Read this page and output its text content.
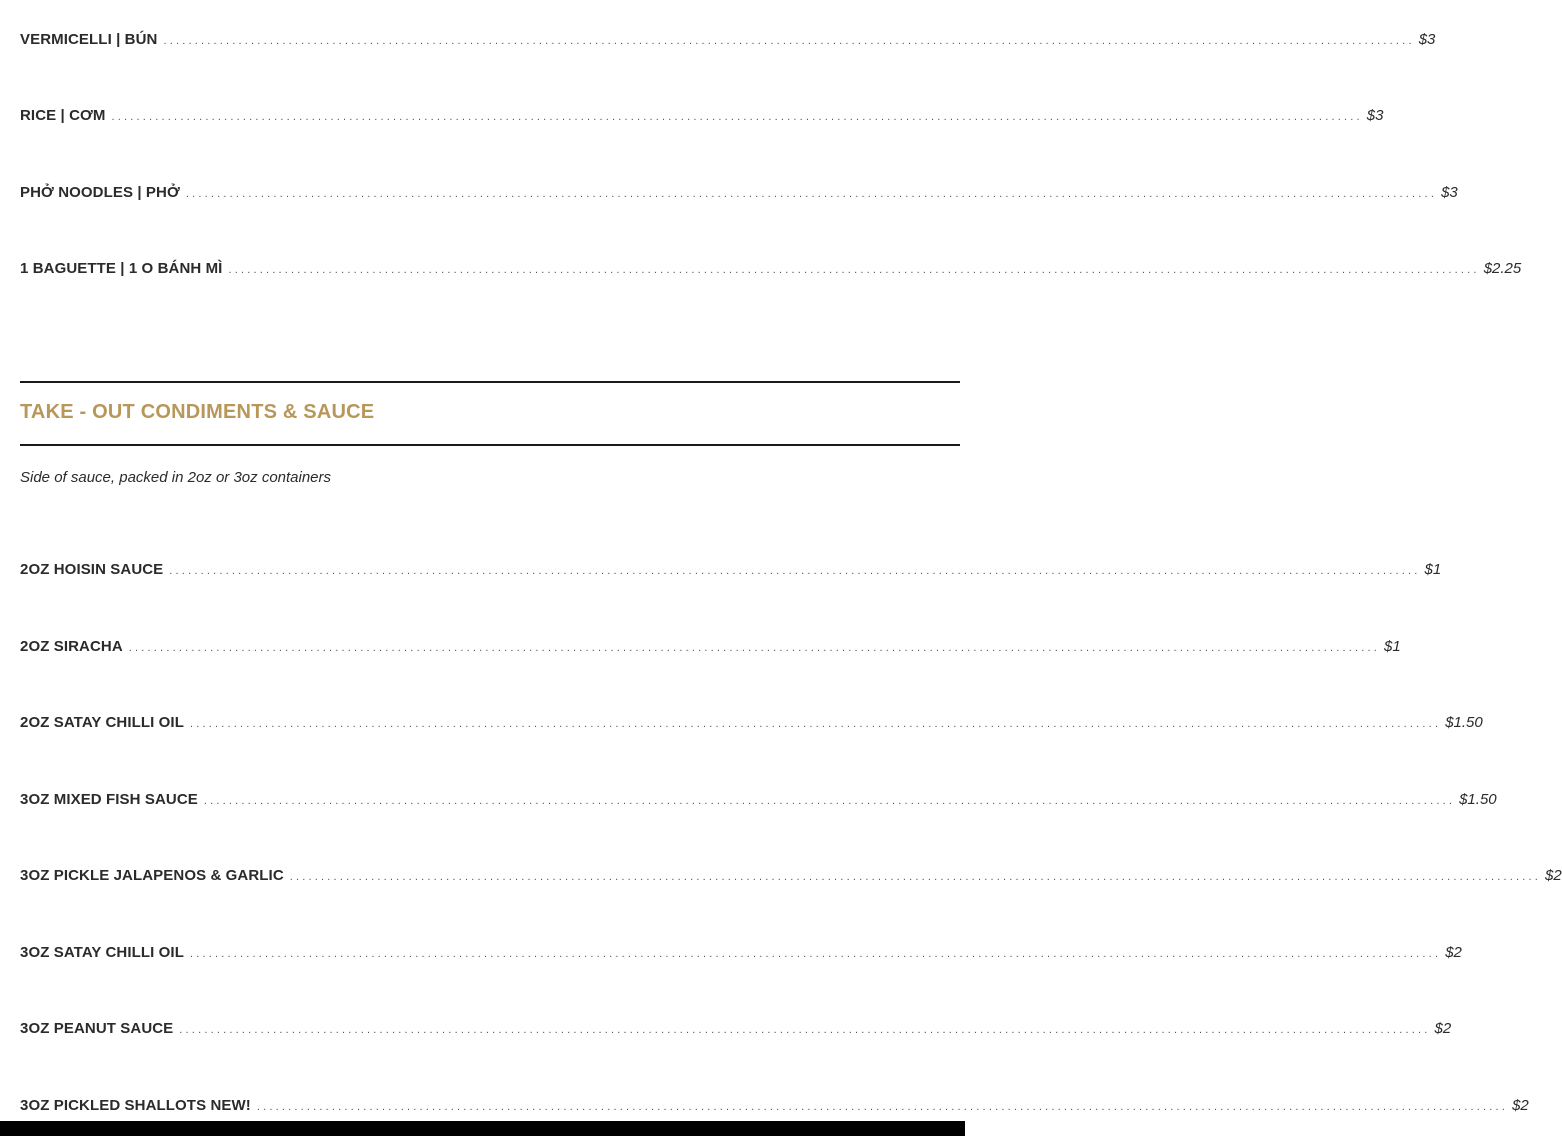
VERMICELLI | BÚN ........................................................................................................................................................................................................ $3
RICE | CƠM ........................................................................................................................................................................................................ $3
PHỞ NOODLES | PHỞ ........................................................................................................................................................................................................ $3
1 BAGUETTE | 1 O BÁNH MÌ ........................................................................................................................................................................................................ $2.25
TAKE - OUT CONDIMENTS & SAUCE

Side of sauce, packed in 2oz or 3oz containers

2OZ HOISIN SAUCE ........................................................................................................................................................................................................ $1
2OZ SIRACHA ........................................................................................................................................................................................................ $1
2OZ SATAY CHILLI OIL ........................................................................................................................................................................................................ $1.50
3OZ MIXED FISH SAUCE ........................................................................................................................................................................................................ $1.50
3OZ PICKLE JALAPENOS & GARLIC ........................................................................................................................................................................................................ $2
3OZ SATAY CHILLI OIL ........................................................................................................................................................................................................ $2
3OZ PEANUT SAUCE ........................................................................................................................................................................................................ $2
3OZ PICKLED SHALLOTS NEW! ........................................................................................................................................................................................................ $2
